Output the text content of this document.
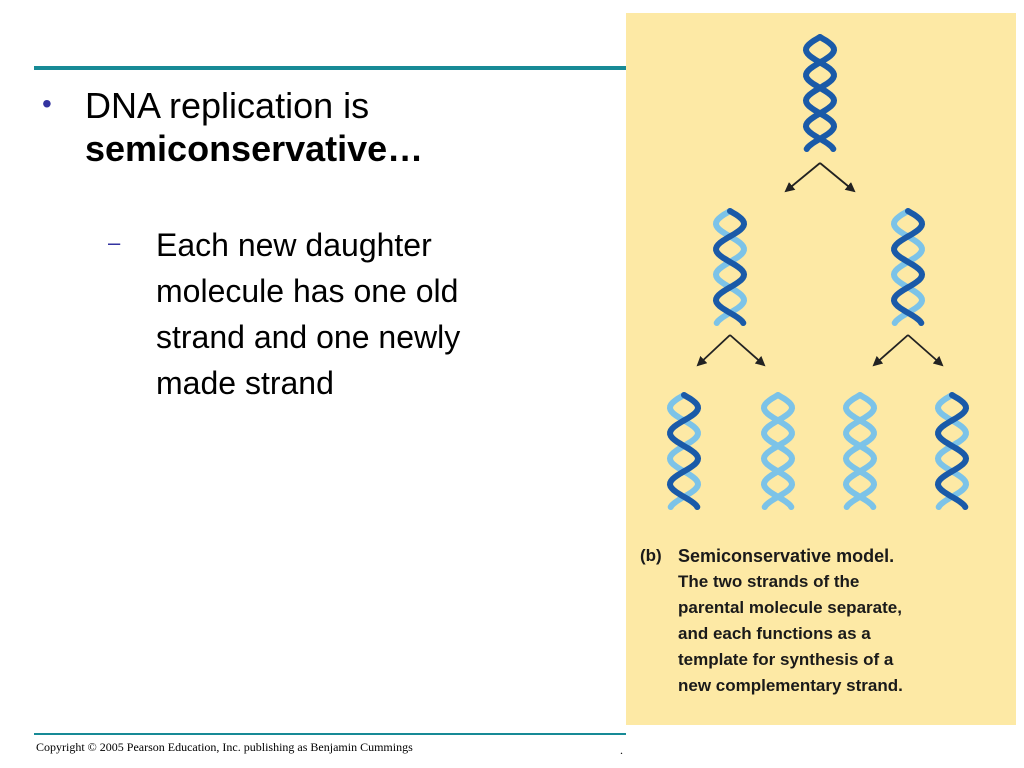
• DNA replication is
semiconservative…
– Each new daughter
molecule has one old
strand and one newly
made strand
(b) Semiconservative model.
The two strands of the
parental molecule separate,
and each functions as a
template for synthesis of a
new complementary strand.
Copyright © 2005 Pearson Education, Inc. publishing as Benjamin Cummings	.
